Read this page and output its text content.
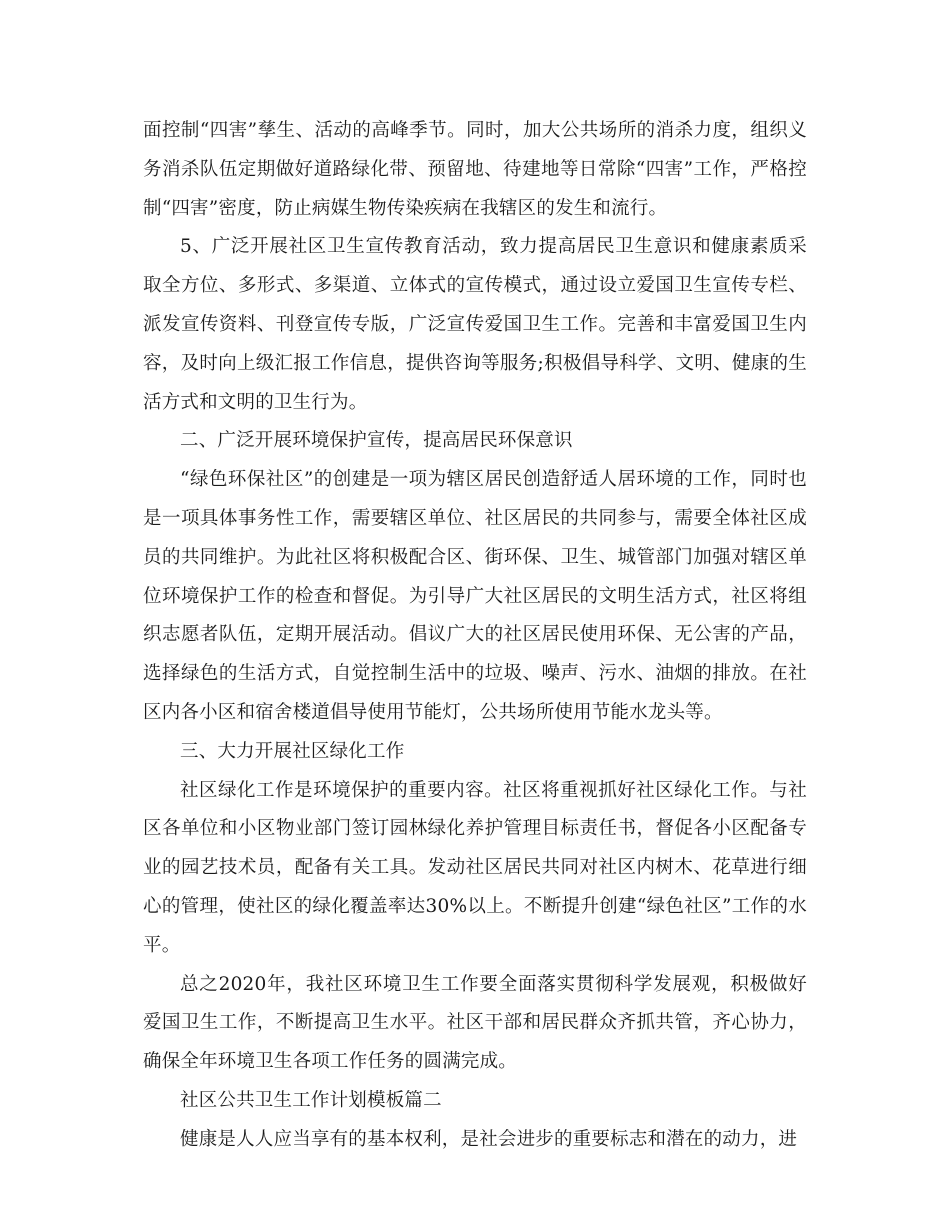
面控制“四害”孳生、活动的高峰季节。同时，加大公共场所的消杀力度，组织义务消杀队伍定期做好道路绿化带、预留地、待建地等日常除“四害”工作，严格控制“四害”密度，防止病媒生物传染疾病在我辖区的发生和流行。

5、广泛开展社区卫生宣传教育活动，致力提高居民卫生意识和健康素质采取全方位、多形式、多渠道、立体式的宣传模式，通过设立爱国卫生宣传专栏、派发宣传资料、刊登宣传专版，广泛宣传爱国卫生工作。完善和丰富爱国卫生内容，及时向上级汇报工作信息，提供咨询等服务;积极倡导科学、文明、健康的生活方式和文明的卫生行为。

二、广泛开展环境保护宣传，提高居民环保意识

“绿色环保社区”的创建是一项为辖区居民创造舒适人居环境的工作，同时也是一项具体事务性工作，需要辖区单位、社区居民的共同参与，需要全体社区成员的共同维护。为此社区将积极配合区、街环保、卫生、城管部门加强对辖区单位环境保护工作的检查和督促。为引导广大社区居民的文明生活方式，社区将组织志愿者队伍，定期开展活动。倡议广大的社区居民使用环保、无公害的产品，选择绿色的生活方式，自觉控制生活中的垃圾、噪声、污水、油烟的排放。在社区内各小区和宿舍楼道倡导使用节能灯，公共场所使用节能水龙头等。

三、大力开展社区绿化工作

社区绿化工作是环境保护的重要内容。社区将重视抓好社区绿化工作。与社区各单位和小区物业部门签订园林绿化养护管理目标责任书，督促各小区配备专业的园艺技术员，配备有关工具。发动社区居民共同对社区内树木、花草进行细心的管理，使社区的绿化覆盖率达30%以上。不断提升创建“绿色社区”工作的水平。

总之2020年，我社区环境卫生工作要全面落实贯彻科学发展观，积极做好爱国卫生工作，不断提高卫生水平。社区干部和居民群众齐抓共管，齐心协力，确保全年环境卫生各项工作任务的圆满完成。

社区公共卫生工作计划模板篇二

健康是人人应当享有的基本权利，是社会进步的重要标志和潜在的动力，进
